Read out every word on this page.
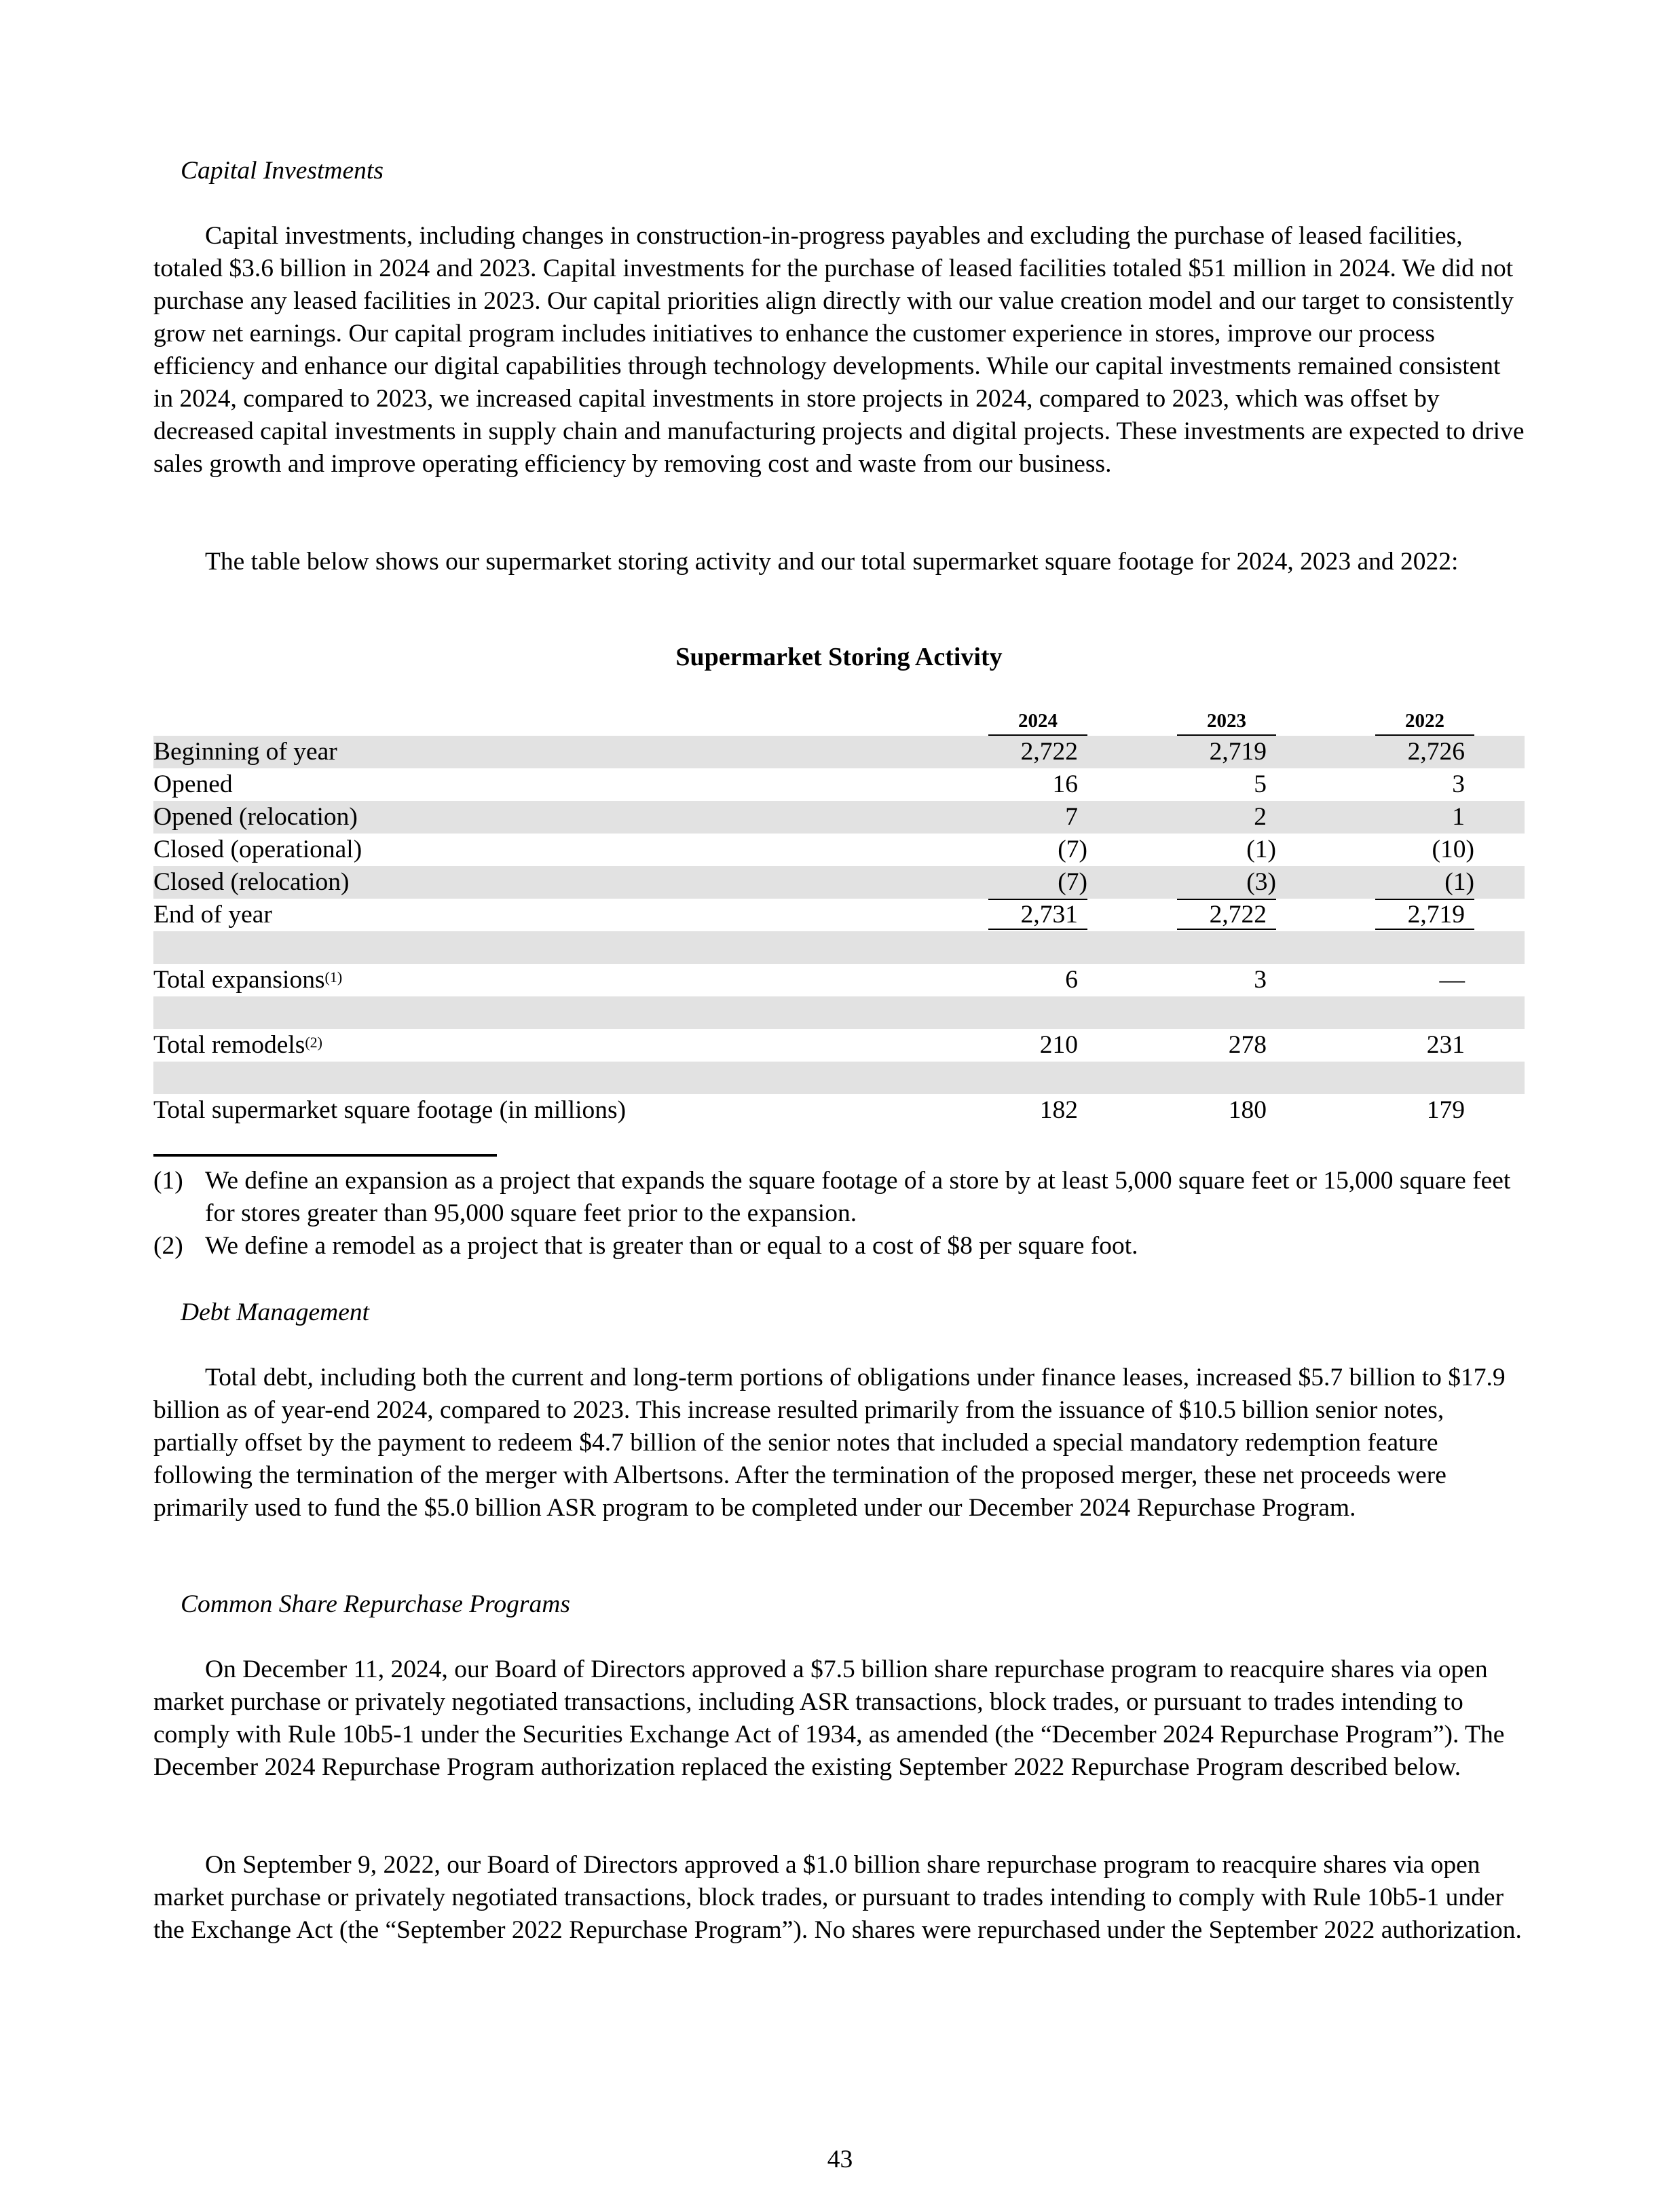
Capital Investments

Capital investments, including changes in construction-in-progress payables and excluding the purchase of leased facilities, totaled $3.6 billion in 2024 and 2023. Capital investments for the purchase of leased facilities totaled $51 million in 2024. We did not purchase any leased facilities in 2023. Our capital priorities align directly with our value creation model and our target to consistently grow net earnings. Our capital program includes initiatives to enhance the customer experience in stores, improve our process efficiency and enhance our digital capabilities through technology developments. While our capital investments remained consistent in 2024, compared to 2023, we increased capital investments in store projects in 2024, compared to 2023, which was offset by decreased capital investments in supply chain and manufacturing projects and digital projects. These investments are expected to drive sales growth and improve operating efficiency by removing cost and waste from our business.

The table below shows our supermarket storing activity and our total supermarket square footage for 2024, 2023 and 2022:

Supermarket Storing Activity
2024	2023	2022
Beginning of year	2,722	2,719	2,726
Opened	16	5	3
Opened (relocation)	7	2	1
Closed (operational)	(7)	(1)	(10)
Closed (relocation)	(7)	(3)	(1)
End of year	2,731	2,722	2,719
Total expansions$^{(1)}$	6	3	—
Total remodels$^{(2)}$	210	278	231
Total supermarket square footage (in millions)	182	180	179

(1) We define an expansion as a project that expands the square footage of a store by at least 5,000 square feet or 15,000 square feet for stores greater than 95,000 square feet prior to the expansion.

(2) We define a remodel as a project that is greater than or equal to a cost of $8 per square foot.

Debt Management

Total debt, including both the current and long-term portions of obligations under finance leases, increased $5.7 billion to $17.9 billion as of year-end 2024, compared to 2023. This increase resulted primarily from the issuance of $10.5 billion senior notes, partially offset by the payment to redeem $4.7 billion of the senior notes that included a special mandatory redemption feature following the termination of the merger with Albertsons. After the termination of the proposed merger, these net proceeds were primarily used to fund the $5.0 billion ASR program to be completed under our December 2024 Repurchase Program.

Common Share Repurchase Programs

On December 11, 2024, our Board of Directors approved a $7.5 billion share repurchase program to reacquire shares via open market purchase or privately negotiated transactions, including ASR transactions, block trades, or pursuant to trades intending to comply with Rule 10b5-1 under the Securities Exchange Act of 1934, as amended (the “December 2024 Repurchase Program”). The December 2024 Repurchase Program authorization replaced the existing September 2022 Repurchase Program described below.

On September 9, 2022, our Board of Directors approved a $1.0 billion share repurchase program to reacquire shares via open market purchase or privately negotiated transactions, block trades, or pursuant to trades intending to comply with Rule 10b5-1 under the Exchange Act (the “September 2022 Repurchase Program”). No shares were repurchased under the September 2022 authorization.

43
